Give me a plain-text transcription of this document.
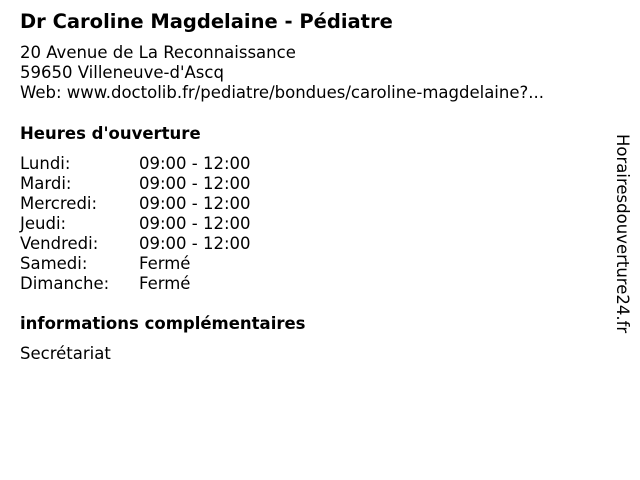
Dr Caroline Magdelaine - Pédiatre
20 Avenue de La Reconnaissance
59650 Villeneuve-d'Ascq
Web: www.doctolib.fr/pediatre/bondues/caroline-magdelaine?...
Heures d'ouverture
Lundi:	09:00 - 12:00
Mardi:	09:00 - 12:00
Mercredi:	09:00 - 12:00
Jeudi:	09:00 - 12:00
Vendredi: 09:00 - 12:00
Samedi:	Fermé
Dimanche: Fermé
informations complémentaires
Secrétariat
Horairesdouverture24.fr
